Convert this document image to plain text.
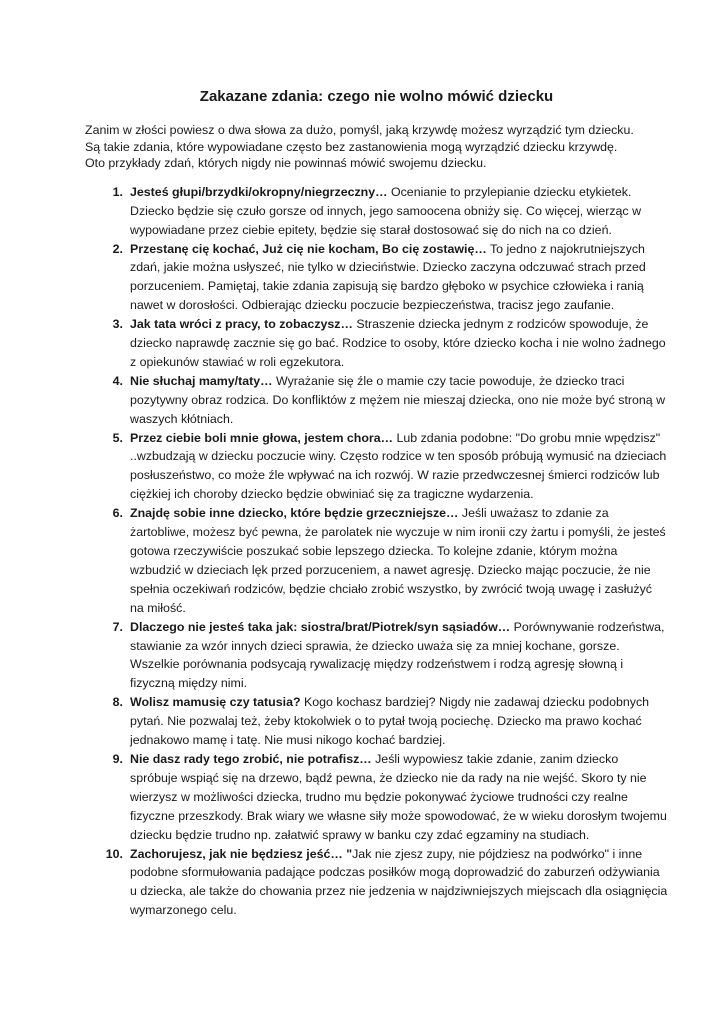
Zakazane zdania: czego nie wolno mówić dziecku
Zanim w złości powiesz o dwa słowa za dużo, pomyśl, jaką krzywdę możesz wyrządzić tym dziecku.
Są takie zdania, które wypowiadane często bez zastanowienia mogą wyrządzić dziecku krzywdę.
Oto przykłady zdań, których nigdy nie powinnaś mówić swojemu dziecku.
1. Jesteś głupi/brzydki/okropny/niegrzeczny… Ocenianie to przylepianie dziecku etykietek. Dziecko będzie się czuło gorsze od innych, jego samoocena obniży się. Co więcej, wierząc w wypowiadane przez ciebie epitety, będzie się starał dostosować się do nich na co dzień.
2. Przestanę cię kochać, Już cię nie kocham, Bo cię zostawię… To jedno z najokrutniejszych zdań, jakie można usłyszeć, nie tylko w dzieciństwie. Dziecko zaczyna odczuwać strach przed porzuceniem. Pamiętaj, takie zdania zapisują się bardzo głęboko w psychice człowieka i ranią nawet w dorosłości. Odbierając dziecku poczucie bezpieczeństwa, tracisz jego zaufanie.
3. Jak tata wróci z pracy, to zobaczysz… Straszenie dziecka jednym z rodziców spowoduje, że dziecko naprawdę zacznie się go bać. Rodzice to osoby, które dziecko kocha i nie wolno żadnego z opiekunów stawiać w roli egzekutora.
4. Nie słuchaj mamy/taty… Wyrażanie się źle o mamie czy tacie powoduje, że dziecko traci pozytywny obraz rodzica. Do konfliktów z mężem nie mieszaj dziecka, ono nie może być stroną w waszych kłótniach.
5. Przez ciebie boli mnie głowa, jestem chora… Lub zdania podobne: "Do grobu mnie wpędzisz" ..wzbudzają w dziecku poczucie winy. Często rodzice w ten sposób próbują wymusić na dzieciach posłuszeństwo, co może źle wpływać na ich rozwój. W razie przedwczesnej śmierci rodziców lub ciężkiej ich choroby dziecko będzie obwiniać się za tragiczne wydarzenia.
6. Znajdę sobie inne dziecko, które będzie grzeczniejsze… Jeśli uważasz to zdanie za żartobliwe, możesz być pewna, że parolatek nie wyczuje w nim ironii czy żartu i pomyśli, że jesteś gotowa rzeczywiście poszukać sobie lepszego dziecka. To kolejne zdanie, którym można wzbudzić w dzieciach lęk przed porzuceniem, a nawet agresję. Dziecko mając poczucie, że nie spełnia oczekiwań rodziców, będzie chciało zrobić wszystko, by zwrócić twoją uwagę i zasłużyć na miłość.
7. Dlaczego nie jesteś taka jak: siostra/brat/Piotrek/syn sąsiadów… Porównywanie rodzeństwa, stawianie za wzór innych dzieci sprawia, że dziecko uważa się za mniej kochane, gorsze. Wszelkie porównania podsycają rywalizację między rodzeństwem i rodzą agresję słowną i fizyczną między nimi.
8. Wolisz mamusię czy tatusia? Kogo kochasz bardziej? Nigdy nie zadawaj dziecku podobnych pytań. Nie pozwalaj też, żeby ktokolwiek o to pytał twoją pociechę. Dziecko ma prawo kochać jednakowo mamę i tatę. Nie musi nikogo kochać bardziej.
9. Nie dasz rady tego zrobić, nie potrafisz… Jeśli wypowiesz takie zdanie, zanim dziecko spróbuje wspiąć się na drzewo, bądź pewna, że dziecko nie da rady na nie wejść. Skoro ty nie wierzysz w możliwości dziecka, trudno mu będzie pokonywać życiowe trudności czy realne fizyczne przeszkody. Brak wiary we własne siły może spowodować, że w wieku dorosłym twojemu dziecku będzie trudno np. załatwić sprawy w banku czy zdać egzaminy na studiach.
10. Zachorujesz, jak nie będziesz jeść… "Jak nie zjesz zupy, nie pójdziesz na podwórko" i inne podobne sformułowania padające podczas posiłków mogą doprowadzić do zaburzeń odżywiania u dziecka, ale także do chowania przez nie jedzenia w najdziwniejszych miejscach dla osiągnięcia wymarzonego celu.
